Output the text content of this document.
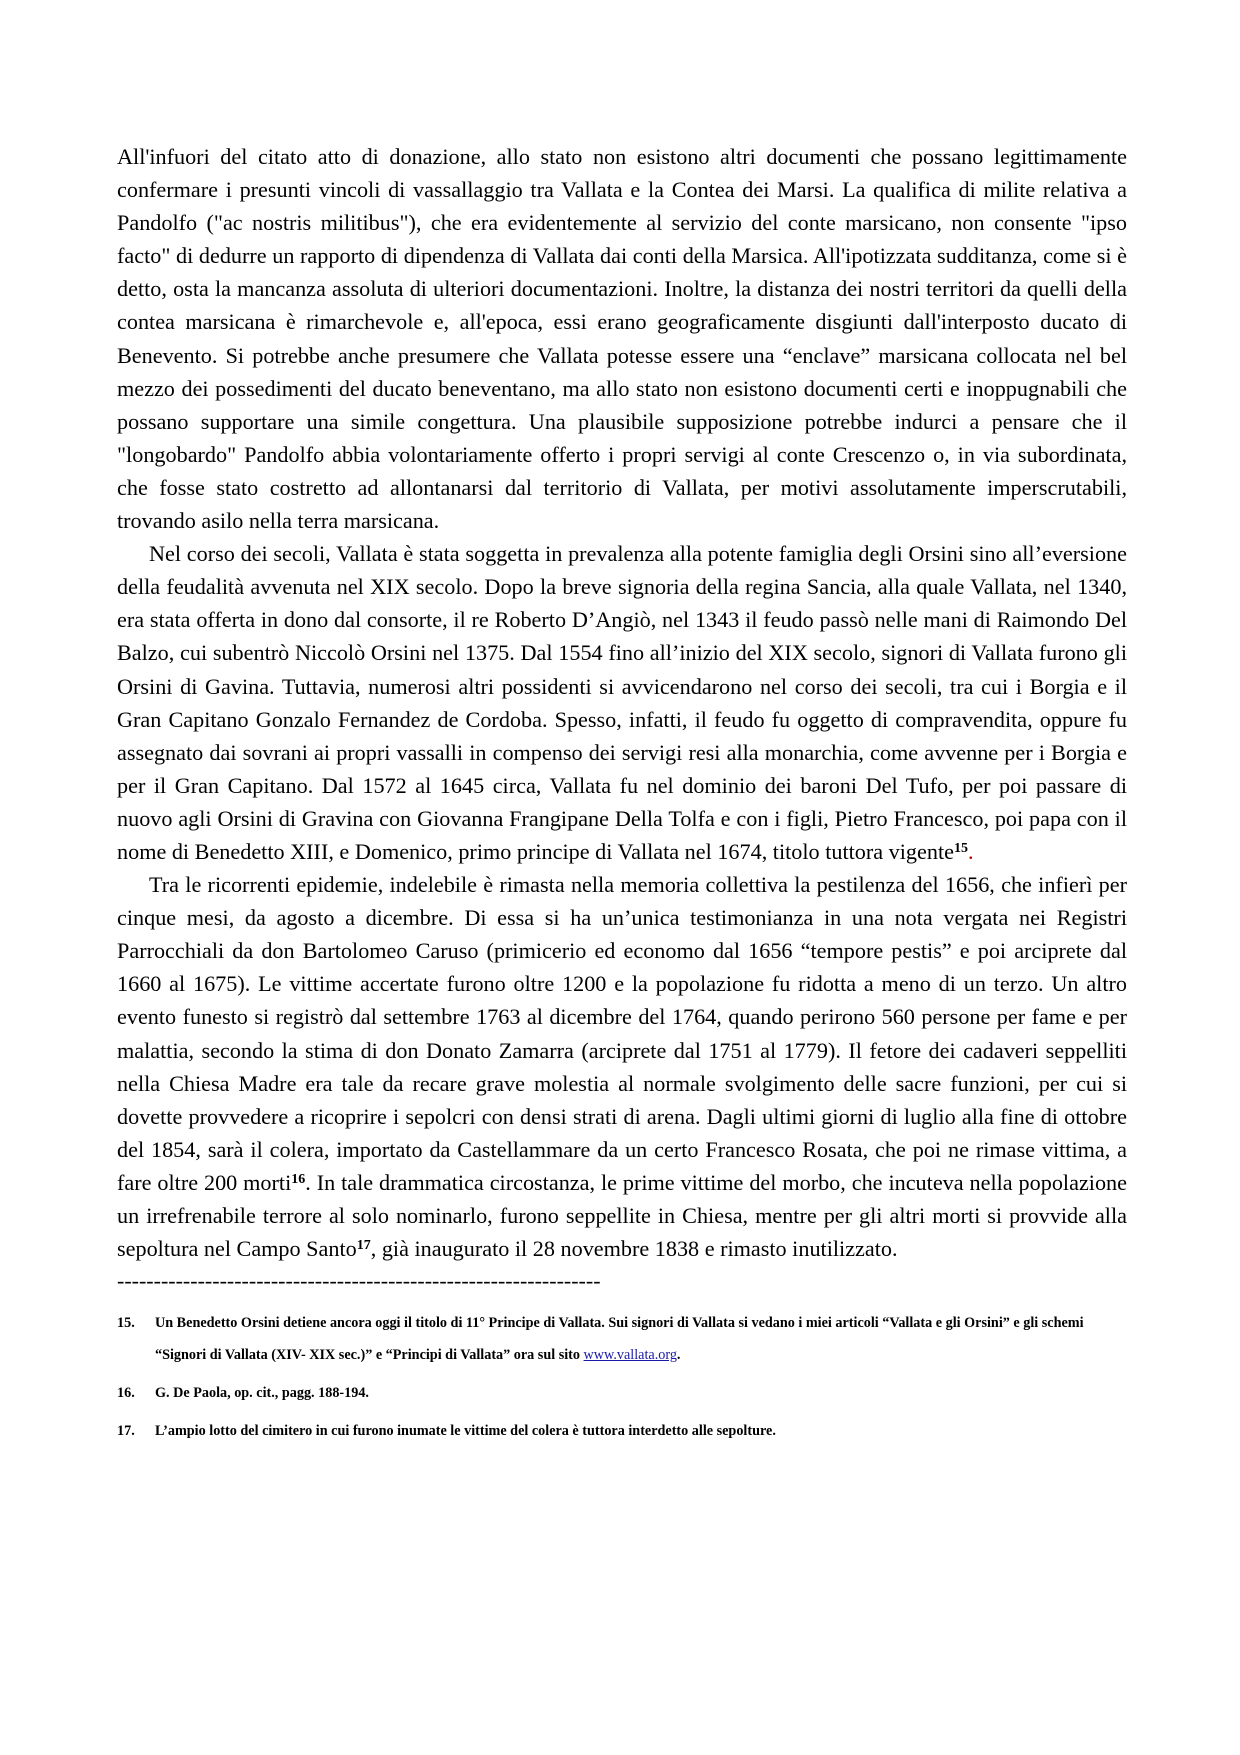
All'infuori del citato atto di donazione, allo stato non esistono altri documenti che possano legittimamente confermare i presunti vincoli di vassallaggio tra Vallata e la Contea dei Marsi. La qualifica di milite relativa a Pandolfo ("ac nostris militibus"), che era evidentemente al servizio del conte marsicano, non consente "ipso facto" di dedurre un rapporto di dipendenza di Vallata dai conti della Marsica. All'ipotizzata sudditanza, come si è detto, osta la mancanza assoluta di ulteriori documentazioni. Inoltre, la distanza dei nostri territori da quelli della contea marsicana è rimarchevole e, all'epoca, essi erano geograficamente disgiunti dall'interposto ducato di Benevento. Si potrebbe anche presumere che Vallata potesse essere una “enclave” marsicana collocata nel bel mezzo dei possedimenti del ducato beneventano, ma allo stato non esistono documenti certi e inoppugnabili che possano supportare una simile congettura. Una plausibile supposizione potrebbe indurci a pensare che il "longobardo" Pandolfo abbia volontariamente offerto i propri servigi al conte Crescenzo o, in via subordinata, che fosse stato costretto ad allontanarsi dal territorio di Vallata, per motivi assolutamente imperscrutabili, trovando asilo nella terra marsicana.

Nel corso dei secoli, Vallata è stata soggetta in prevalenza alla potente famiglia degli Orsini sino all’eversione della feudalità avvenuta nel XIX secolo. Dopo la breve signoria della regina Sancia, alla quale Vallata, nel 1340, era stata offerta in dono dal consorte, il re Roberto D’Angiò, nel 1343 il feudo passò nelle mani di Raimondo Del Balzo, cui subentrò Niccolò Orsini nel 1375. Dal 1554 fino all’inizio del XIX secolo, signori di Vallata furono gli Orsini di Gavina. Tuttavia, numerosi altri possidenti si avvicendarono nel corso dei secoli, tra cui i Borgia e il Gran Capitano Gonzalo Fernandez de Cordoba. Spesso, infatti, il feudo fu oggetto di compravendita, oppure fu assegnato dai sovrani ai propri vassalli in compenso dei servigi resi alla monarchia, come avvenne per i Borgia e per il Gran Capitano. Dal 1572 al 1645 circa, Vallata fu nel dominio dei baroni Del Tufo, per poi passare di nuovo agli Orsini di Gravina con Giovanna Frangipane Della Tolfa e con i figli, Pietro Francesco, poi papa con il nome di Benedetto XIII, e Domenico, primo principe di Vallata nel 1674, titolo tuttora vigente$^{15}$.

Tra le ricorrenti epidemie, indelebile è rimasta nella memoria collettiva la pestilenza del 1656, che infierì per cinque mesi, da agosto a dicembre. Di essa si ha un’unica testimonianza in una nota vergata nei Registri Parrocchiali da don Bartolomeo Caruso (primicerio ed economo dal 1656 “tempore pestis” e poi arciprete dal 1660 al 1675). Le vittime accertate furono oltre 1200 e la popolazione fu ridotta a meno di un terzo. Un altro evento funesto si registrò dal settembre 1763 al dicembre del 1764, quando perirono 560 persone per fame e per malattia, secondo la stima di don Donato Zamarra (arciprete dal 1751 al 1779). Il fetore dei cadaveri seppelliti nella Chiesa Madre era tale da recare grave molestia al normale svolgimento delle sacre funzioni, per cui si dovette provvedere a ricoprire i sepolcri con densi strati di arena. Dagli ultimi giorni di luglio alla fine di ottobre del 1854, sarà il colera, importato da Castellammare da un certo Francesco Rosata, che poi ne rimase vittima, a fare oltre 200 morti$^{16}$. In tale drammatica circostanza, le prime vittime del morbo, che incuteva nella popolazione un irrefrenabile terrore al solo nominarlo, furono seppellite in Chiesa, mentre per gli altri morti si provvide alla sepoltura nel Campo Santo$^{17}$, già inaugurato il 28 novembre 1838 e rimasto inutilizzato.

------------------------------------------------------------------
15. Un Benedetto Orsini detiene ancora oggi il titolo di 11° Principe di Vallata. Sui signori di Vallata si vedano i miei articoli “Vallata e gli Orsini” e gli schemi “Signori di Vallata (XIV- XIX sec.)” e “Principi di Vallata” ora sul sito www.vallata.org.
16. G. De Paola, op. cit., pagg. 188-194.
17. L’ampio lotto del cimitero in cui furono inumate le vittime del colera è tuttora interdetto alle sepolture.
